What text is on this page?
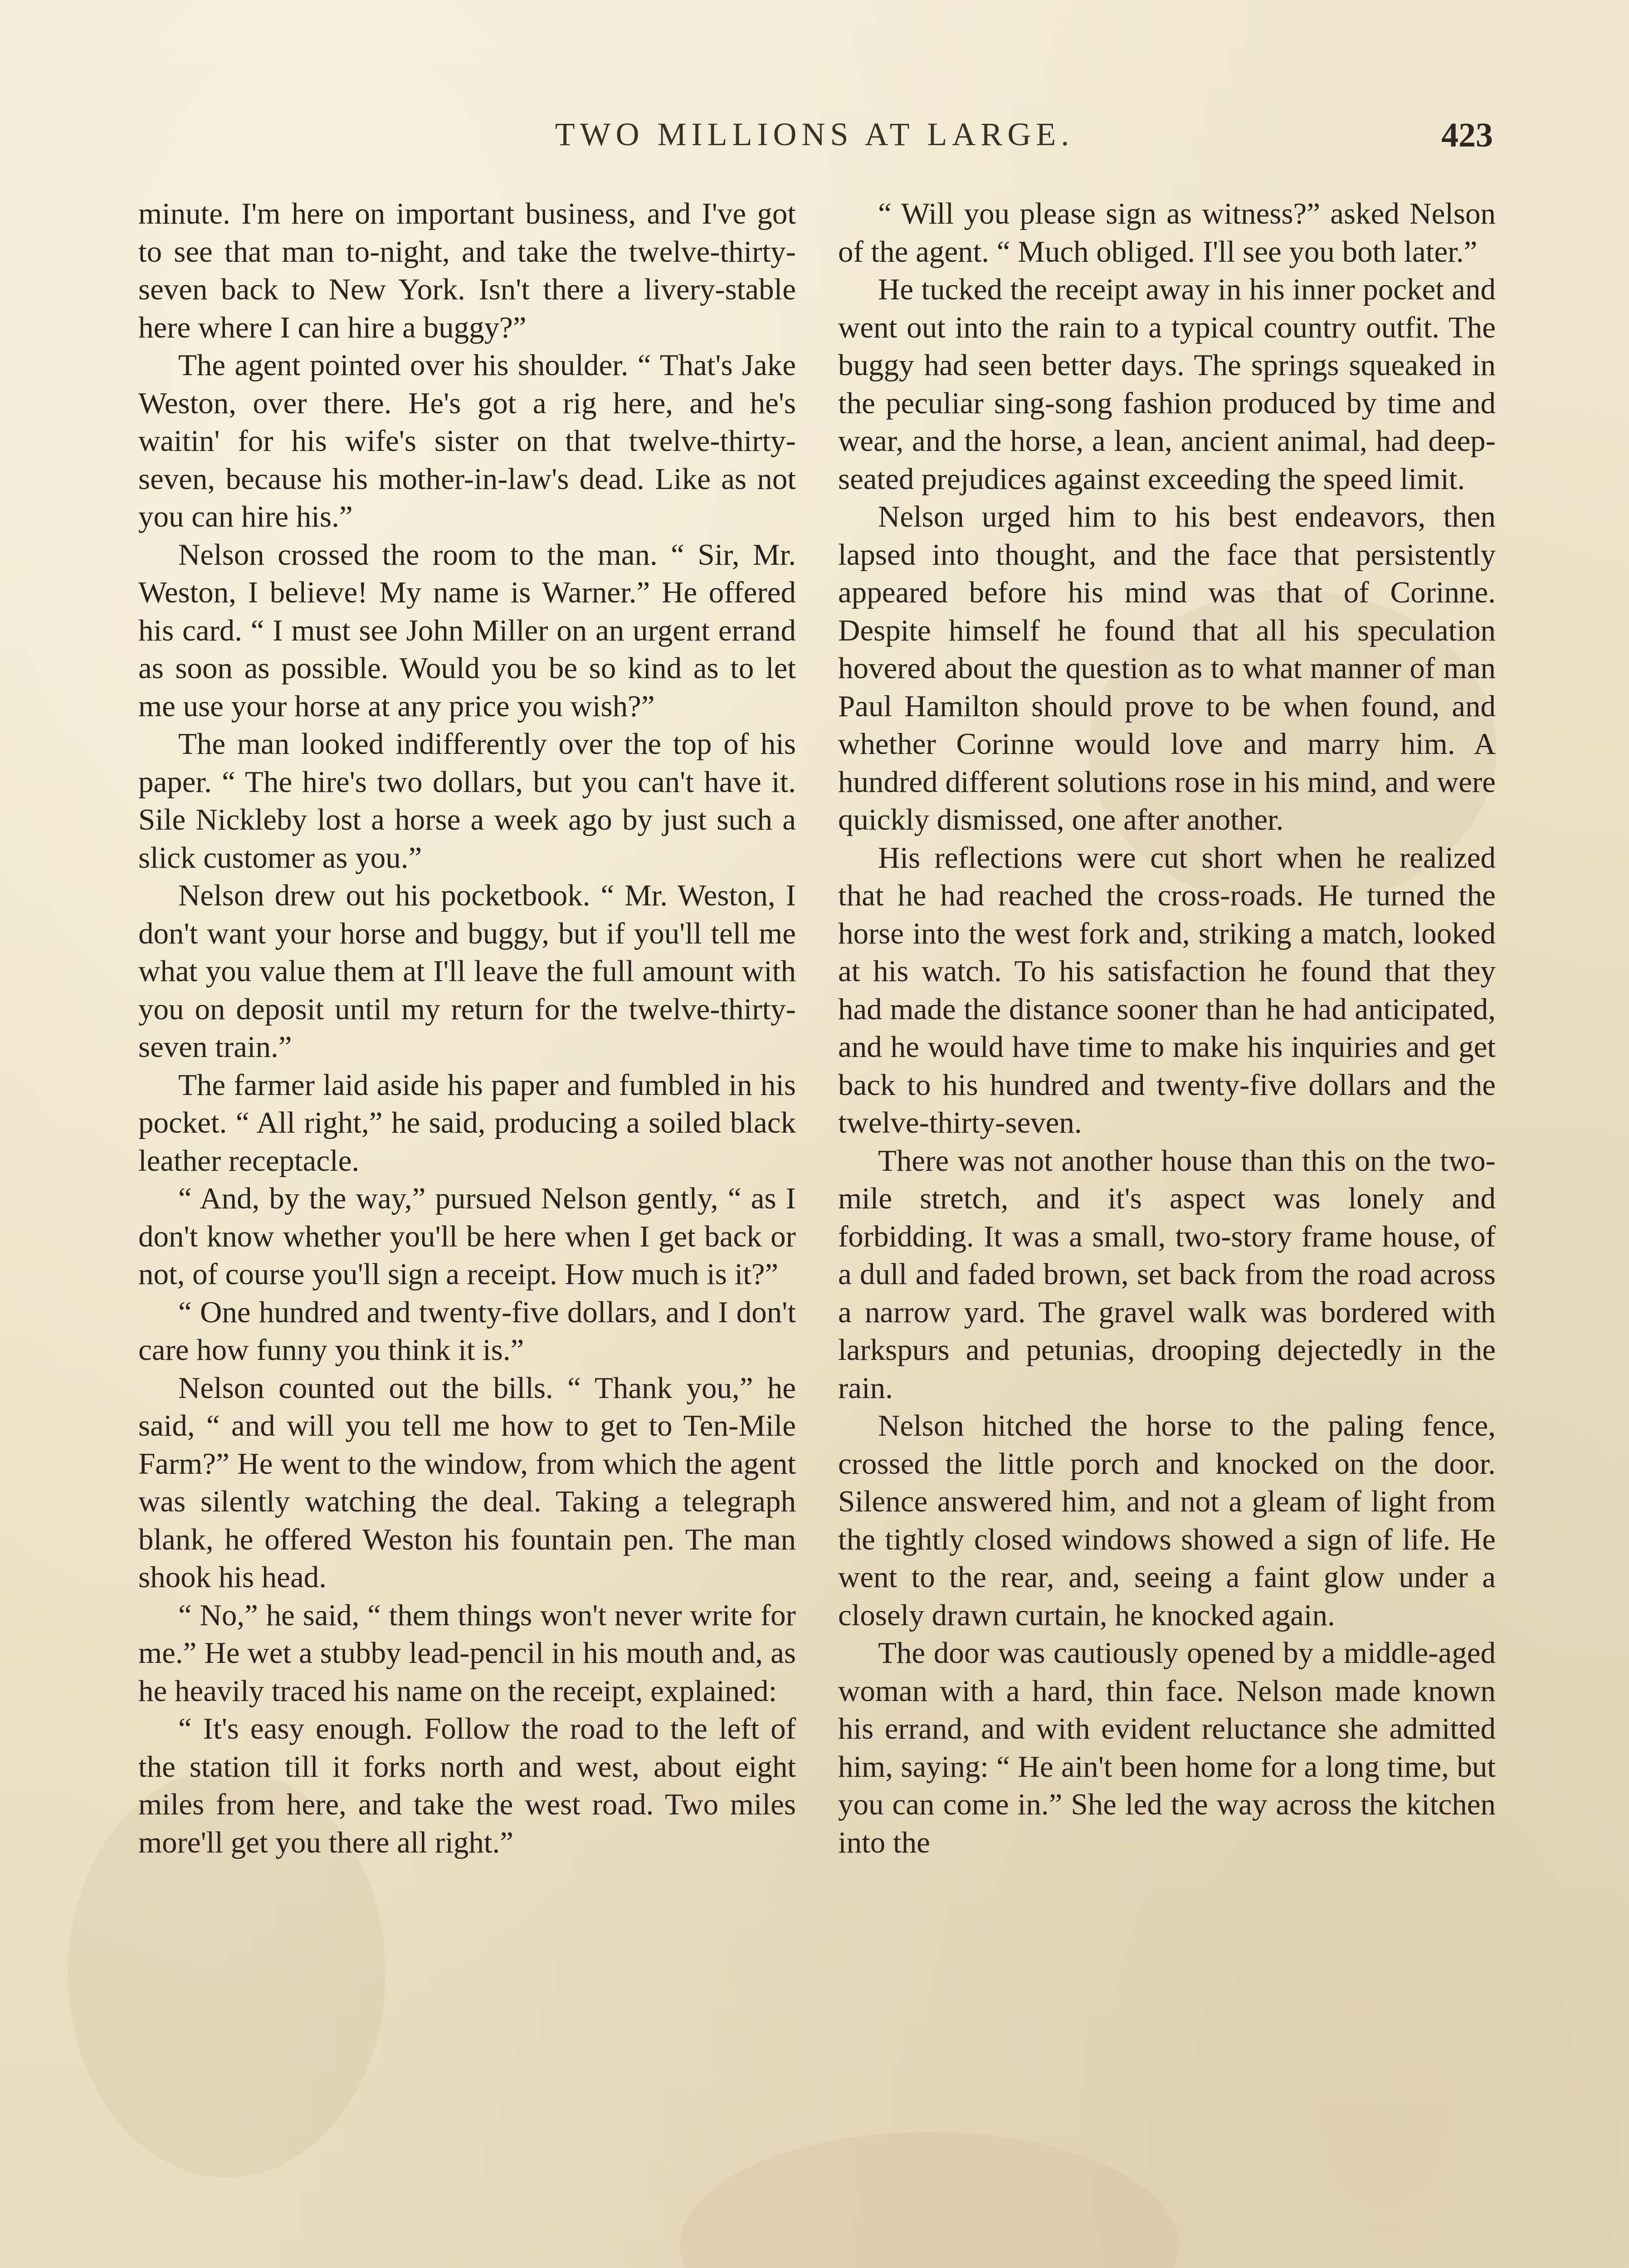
TWO MILLIONS AT LARGE.	423

minute. I'm here on important business, and I've got to see that man to-night, and take the twelve-thirty-seven back to New York. Isn't there a livery-stable here where I can hire a buggy?”

The agent pointed over his shoulder. “ That's Jake Weston, over there. He's got a rig here, and he's waitin' for his wife's sister on that twelve-thirty-seven, because his mother-in-law's dead. Like as not you can hire his.”

Nelson crossed the room to the man. “ Sir, Mr. Weston, I believe! My name is Warner.” He offered his card. “ I must see John Miller on an urgent errand as soon as possible. Would you be so kind as to let me use your horse at any price you wish?”

The man looked indifferently over the top of his paper. “ The hire's two dollars, but you can't have it. Sile Nickleby lost a horse a week ago by just such a slick customer as you.”

Nelson drew out his pocketbook. “ Mr. Weston, I don't want your horse and buggy, but if you'll tell me what you value them at I'll leave the full amount with you on deposit until my return for the twelve-thirty-seven train.”

The farmer laid aside his paper and fumbled in his pocket. “ All right,” he said, producing a soiled black leather receptacle.

“ And, by the way,” pursued Nelson gently, “ as I don't know whether you'll be here when I get back or not, of course you'll sign a receipt. How much is it?”

“ One hundred and twenty-five dollars, and I don't care how funny you think it is.”

Nelson counted out the bills. “ Thank you,” he said, “ and will you tell me how to get to Ten-Mile Farm?” He went to the window, from which the agent was silently watching the deal. Taking a telegraph blank, he offered Weston his fountain pen. The man shook his head.

“ No,” he said, “ them things won't never write for me.” He wet a stubby lead-pencil in his mouth and, as he heavily traced his name on the receipt, explained:

“ It's easy enough. Follow the road to the left of the station till it forks north and west, about eight miles from here, and take the west road. Two miles more'll get you there all right.”

“ Will you please sign as witness?” asked Nelson of the agent. “ Much obliged. I'll see you both later.”

He tucked the receipt away in his inner pocket and went out into the rain to a typical country outfit. The buggy had seen better days. The springs squeaked in the peculiar sing-song fashion produced by time and wear, and the horse, a lean, ancient animal, had deep-seated prejudices against exceeding the speed limit.

Nelson urged him to his best endeavors, then lapsed into thought, and the face that persistently appeared before his mind was that of Corinne. Despite himself he found that all his speculation hovered about the question as to what manner of man Paul Hamilton should prove to be when found, and whether Corinne would love and marry him. A hundred different solutions rose in his mind, and were quickly dismissed, one after another.

His reflections were cut short when he realized that he had reached the cross-roads. He turned the horse into the west fork and, striking a match, looked at his watch. To his satisfaction he found that they had made the distance sooner than he had anticipated, and he would have time to make his inquiries and get back to his hundred and twenty-five dollars and the twelve-thirty-seven.

There was not another house than this on the two-mile stretch, and it's aspect was lonely and forbidding. It was a small, two-story frame house, of a dull and faded brown, set back from the road across a narrow yard. The gravel walk was bordered with larkspurs and petunias, drooping dejectedly in the rain.

Nelson hitched the horse to the paling fence, crossed the little porch and knocked on the door. Silence answered him, and not a gleam of light from the tightly closed windows showed a sign of life. He went to the rear, and, seeing a faint glow under a closely drawn curtain, he knocked again.

The door was cautiously opened by a middle-aged woman with a hard, thin face. Nelson made known his errand, and with evident reluctance she admitted him, saying: “ He ain't been home for a long time, but you can come in.” She led the way across the kitchen into the
